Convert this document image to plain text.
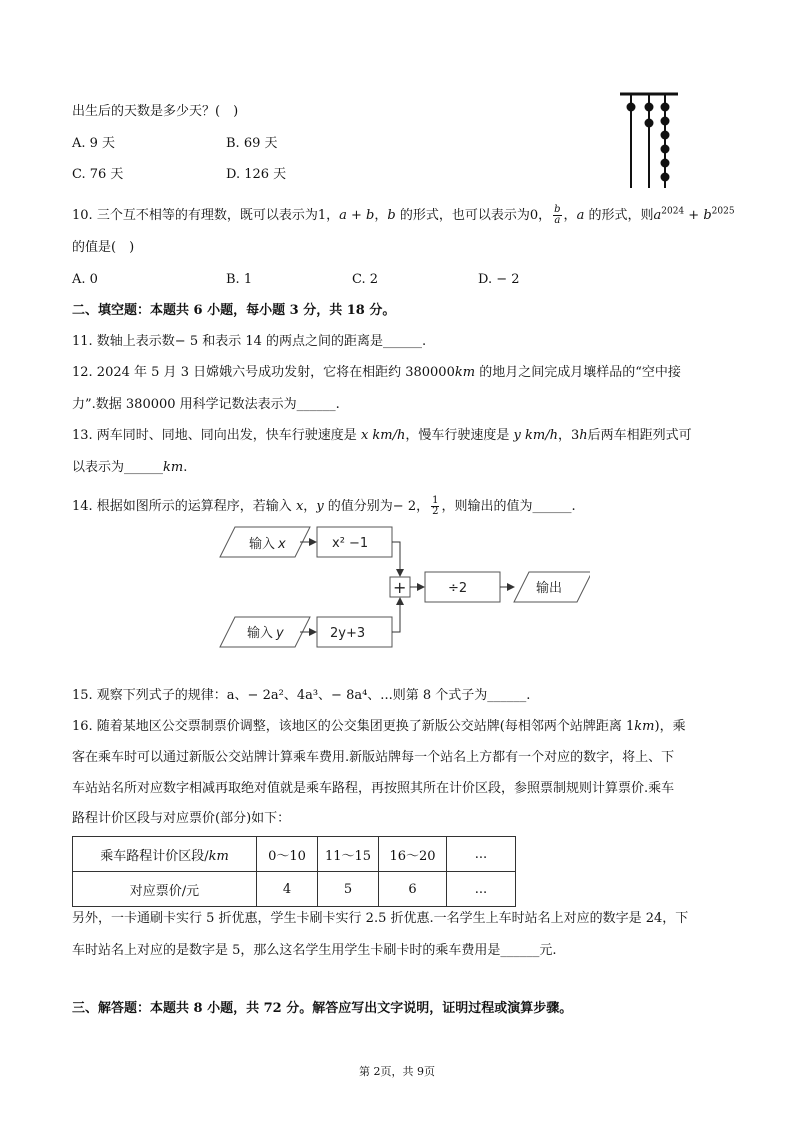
出生后的天数是多少天？(　)
A. 9 天	B. 69 天
C. 76 天	D. 126 天
10. 三个互不相等的有理数，既可以表示为1，a + b，b 的形式，也可以表示为0， $\frac{b}{a}$ ，a 的形式，则$a^{2024} + b^{2025}$
的值是(　)
A. 0	B. 1	C. 2	D. − 2
二、填空题：本题共 6 小题，每小题 3 分，共 18 分。
11. 数轴上表示数− 5 和表示 14 的两点之间的距离是______.
12. 2024 年 5 月 3 日嫦娥六号成功发射，它将在相距约 380000km 的地月之间完成月壤样品的“空中接
力”.数据 380000 用科学记数法表示为______.
13. 两车同时、同地、同向出发，快车行驶速度是 x km/h，慢车行驶速度是 y km/h，3h后两车相距列式可
以表示为______km.
14. 根据如图所示的运算程序，若输入 x，y 的值分别为− 2， $\frac{1}{2}$ ，则输出的值为______.
输入 x	x² −1
+	÷2	输出
输入 y	2y+3
15. 观察下列式子的规律：a、− 2a²、4a³、− 8a⁴、...则第 8 个式子为______.
16. 随着某地区公交票制票价调整，该地区的公交集团更换了新版公交站牌(每相邻两个站牌距离 1km)，乘
客在乘车时可以通过新版公交站牌计算乘车费用.新版站牌每一个站名上方都有一个对应的数字，将上、下
车站站名所对应数字相减再取绝对值就是乘车路程，再按照其所在计价区段，参照票制规则计算票价.乘车
路程计价区段与对应票价(部分)如下：
乘车路程计价区段/km	0～10	11～15	16～20	...
对应票价/元	4	5	6	...
另外，一卡通刷卡实行 5 折优惠，学生卡刷卡实行 2.5 折优惠.一名学生上车时站名上对应的数字是 24，下
车时站名上对应的是数字是 5，那么这名学生用学生卡刷卡时的乘车费用是______元.
三、解答题：本题共 8 小题，共 72 分。解答应写出文字说明，证明过程或演算步骤。
第 2页，共 9页
